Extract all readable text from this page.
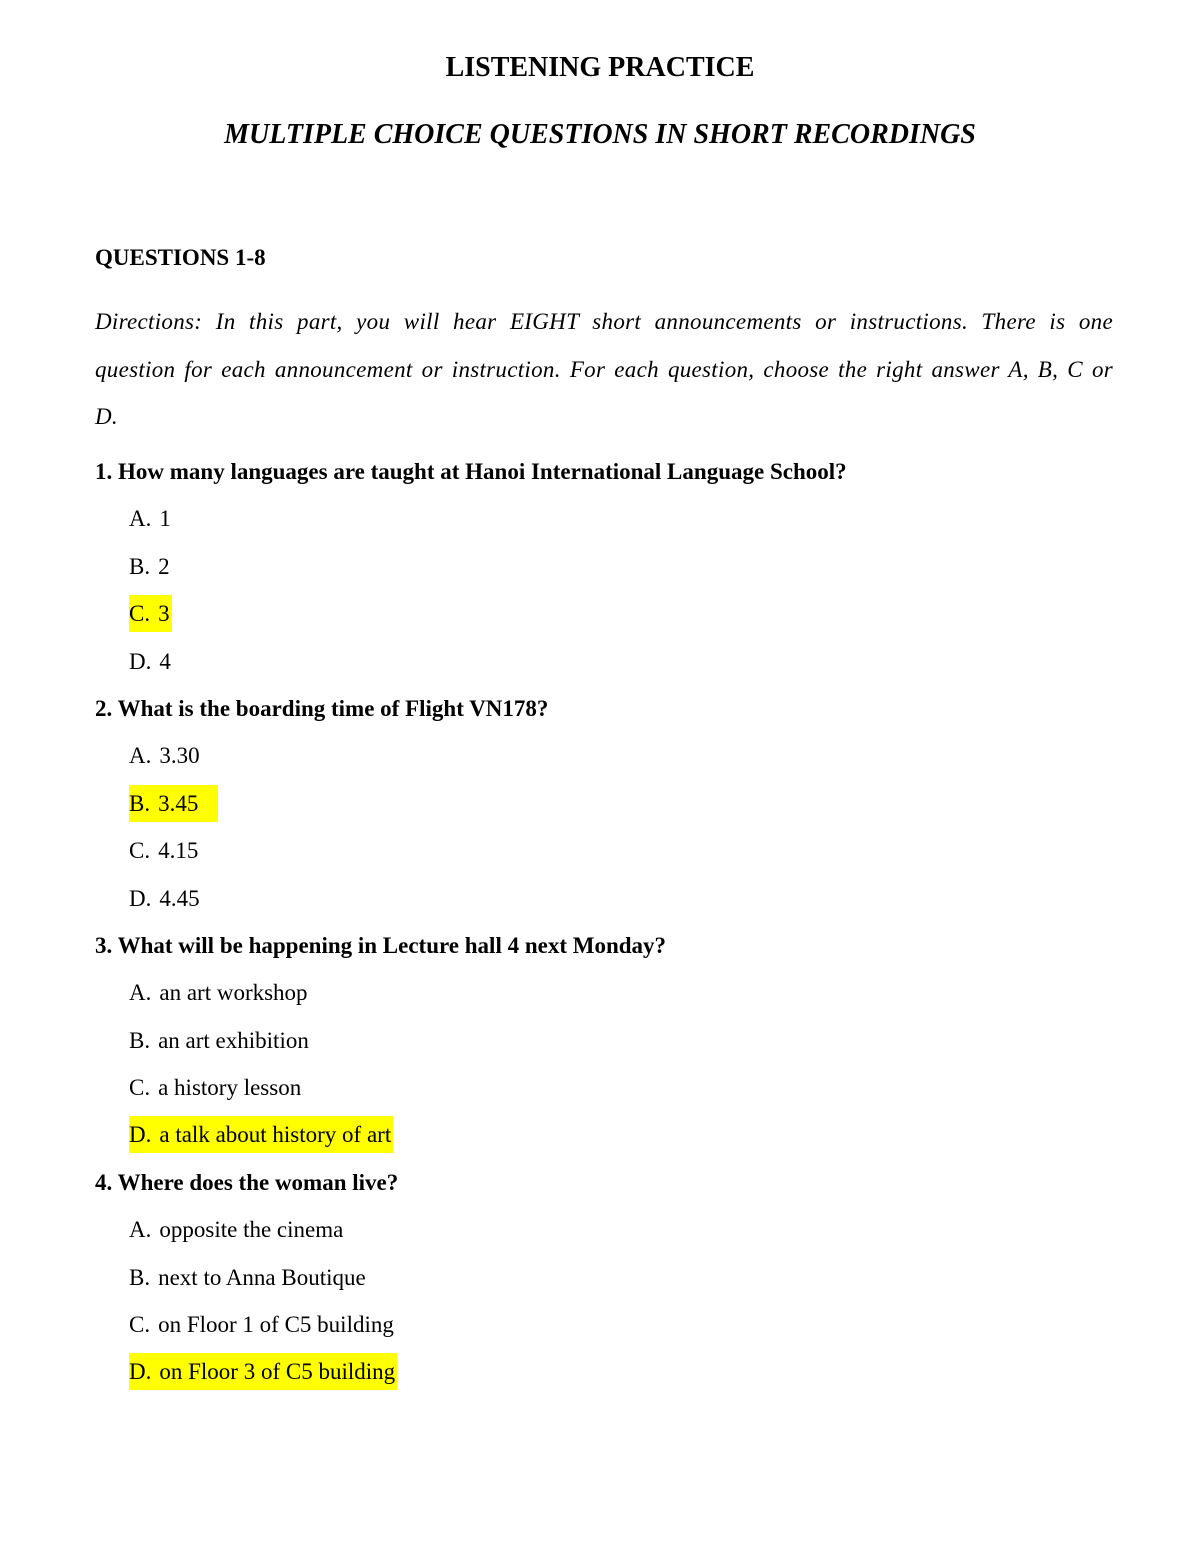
LISTENING PRACTICE
MULTIPLE CHOICE QUESTIONS IN SHORT RECORDINGS
QUESTIONS 1-8

Directions: In this part, you will hear EIGHT short announcements or instructions. There is one question for each announcement or instruction. For each question, choose the right answer A, B, C or D.

1. How many languages are taught at Hanoi International Language School?
A. 1
B. 2
C. 3
D. 4
2. What is the boarding time of Flight VN178?
A. 3.30
B. 3.45
C. 4.15
D. 4.45
3. What will be happening in Lecture hall 4 next Monday?
A. an art workshop
B. an art exhibition
C. a history lesson
D. a talk about history of art
4. Where does the woman live?
A. opposite the cinema
B. next to Anna Boutique
C. on Floor 1 of C5 building
D. on Floor 3 of C5 building
